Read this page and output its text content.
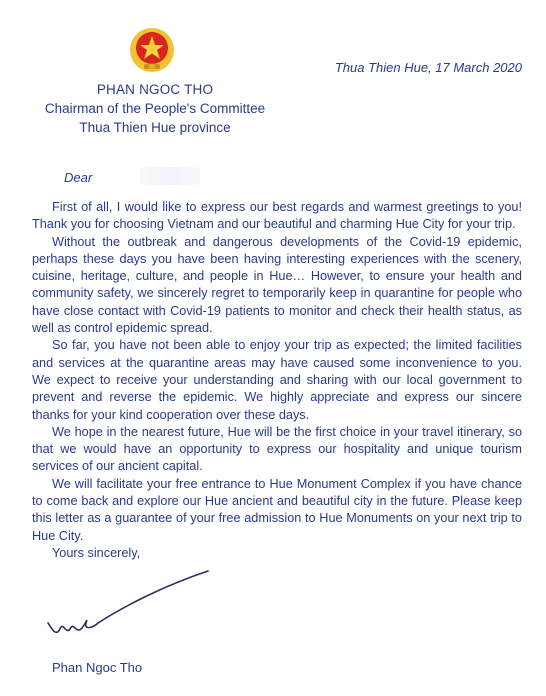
PHAN NGOC THO
Chairman of the People's Committee
Thua Thien Hue province
Thua Thien Hue, 17 March 2020
Dear

First of all, I would like to express our best regards and warmest greetings to you! Thank you for choosing Vietnam and our beautiful and charming Hue City for your trip.

Without the outbreak and dangerous developments of the Covid-19 epidemic, perhaps these days you have been having interesting experiences with the scenery, cuisine, heritage, culture, and people in Hue… However, to ensure your health and community safety, we sincerely regret to temporarily keep in quarantine for people who have close contact with Covid-19 patients to monitor and check their health status, as well as control epidemic spread.

So far, you have not been able to enjoy your trip as expected; the limited facilities and services at the quarantine areas may have caused some inconvenience to you. We expect to receive your understanding and sharing with our local government to prevent and reverse the epidemic. We highly appreciate and express our sincere thanks for your kind cooperation over these days.

We hope in the nearest future, Hue will be the first choice in your travel itinerary, so that we would have an opportunity to express our hospitality and unique tourism services of our ancient capital.

We will facilitate your free entrance to Hue Monument Complex if you have chance to come back and explore our Hue ancient and beautiful city in the future. Please keep this letter as a guarantee of your free admission to Hue Monuments on your next trip to Hue City.

Yours sincerely,

Phan Ngoc Tho
